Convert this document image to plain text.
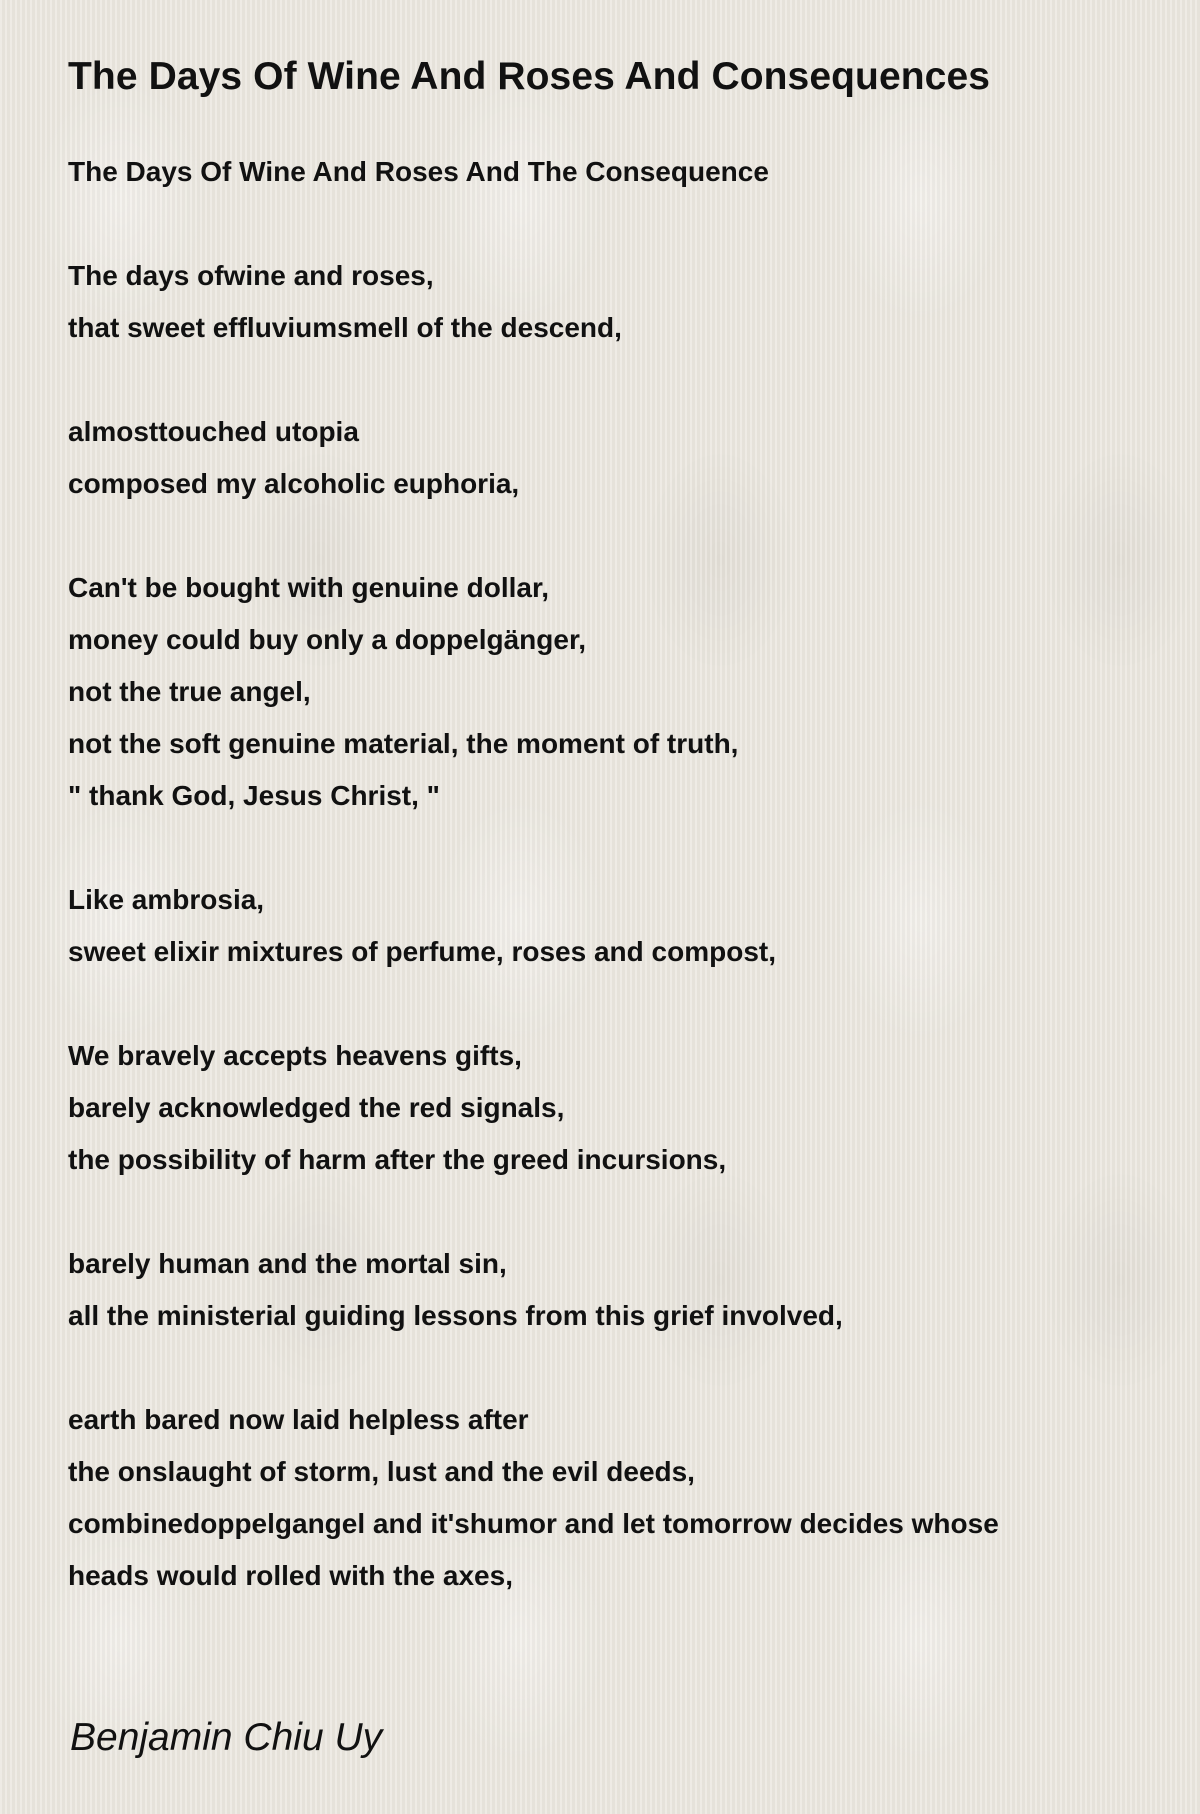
The Days Of Wine And Roses And Consequences
The Days Of Wine And Roses And The Consequence
The days ofwine and roses,
that sweet effluviumsmell of the descend,
almosttouched utopia
composed my alcoholic euphoria,
Can't be bought with genuine dollar,
money could buy only a doppelgänger,
not the true angel,
not the soft genuine material, the moment of truth,
" thank God, Jesus Christ, "
Like ambrosia,
sweet elixir mixtures of perfume, roses and compost,
We bravely accepts heavens gifts,
barely acknowledged the red signals,
the possibility of harm after the greed incursions,
barely human and the mortal sin,
all the ministerial guiding lessons from this grief involved,
earth bared now laid helpless after
the onslaught of storm, lust and the evil deeds,
combinedoppelgangel and it'shumor and let tomorrow decides whose
heads would rolled with the axes,
Benjamin Chiu Uy
